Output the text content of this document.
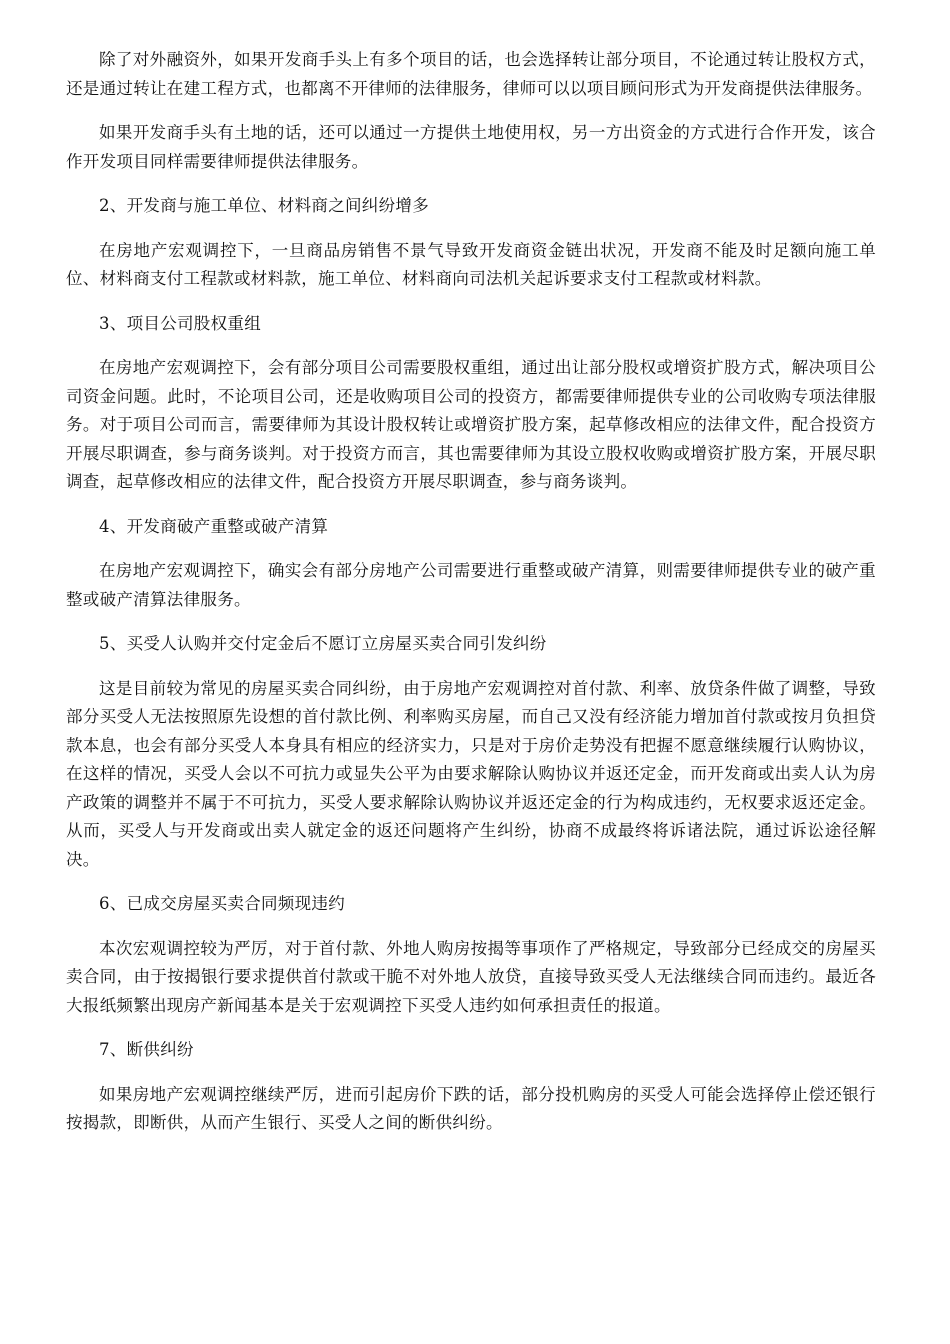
除了对外融资外，如果开发商手头上有多个项目的话，也会选择转让部分项目，不论通过转让股权方式，还是通过转让在建工程方式，也都离不开律师的法律服务，律师可以以项目顾问形式为开发商提供法律服务。

如果开发商手头有土地的话，还可以通过一方提供土地使用权，另一方出资金的方式进行合作开发，该合作开发项目同样需要律师提供法律服务。

2、开发商与施工单位、材料商之间纠纷增多

在房地产宏观调控下，一旦商品房销售不景气导致开发商资金链出状况，开发商不能及时足额向施工单位、材料商支付工程款或材料款，施工单位、材料商向司法机关起诉要求支付工程款或材料款。

3、项目公司股权重组

在房地产宏观调控下，会有部分项目公司需要股权重组，通过出让部分股权或增资扩股方式，解决项目公司资金问题。此时，不论项目公司，还是收购项目公司的投资方，都需要律师提供专业的公司收购专项法律服务。对于项目公司而言，需要律师为其设计股权转让或增资扩股方案，起草修改相应的法律文件，配合投资方开展尽职调查，参与商务谈判。对于投资方而言，其也需要律师为其设立股权收购或增资扩股方案，开展尽职调查，起草修改相应的法律文件，配合投资方开展尽职调查，参与商务谈判。

4、开发商破产重整或破产清算

在房地产宏观调控下，确实会有部分房地产公司需要进行重整或破产清算，则需要律师提供专业的破产重整或破产清算法律服务。

5、买受人认购并交付定金后不愿订立房屋买卖合同引发纠纷

这是目前较为常见的房屋买卖合同纠纷，由于房地产宏观调控对首付款、利率、放贷条件做了调整，导致部分买受人无法按照原先设想的首付款比例、利率购买房屋，而自己又没有经济能力增加首付款或按月负担贷款本息，也会有部分买受人本身具有相应的经济实力，只是对于房价走势没有把握不愿意继续履行认购协议，在这样的情况，买受人会以不可抗力或显失公平为由要求解除认购协议并返还定金，而开发商或出卖人认为房产政策的调整并不属于不可抗力，买受人要求解除认购协议并返还定金的行为构成违约，无权要求返还定金。从而，买受人与开发商或出卖人就定金的返还问题将产生纠纷，协商不成最终将诉诸法院，通过诉讼途径解决。

6、已成交房屋买卖合同频现违约

本次宏观调控较为严厉，对于首付款、外地人购房按揭等事项作了严格规定，导致部分已经成交的房屋买卖合同，由于按揭银行要求提供首付款或干脆不对外地人放贷，直接导致买受人无法继续合同而违约。最近各大报纸频繁出现房产新闻基本是关于宏观调控下买受人违约如何承担责任的报道。

7、断供纠纷

如果房地产宏观调控继续严厉，进而引起房价下跌的话，部分投机购房的买受人可能会选择停止偿还银行按揭款，即断供，从而产生银行、买受人之间的断供纠纷。
